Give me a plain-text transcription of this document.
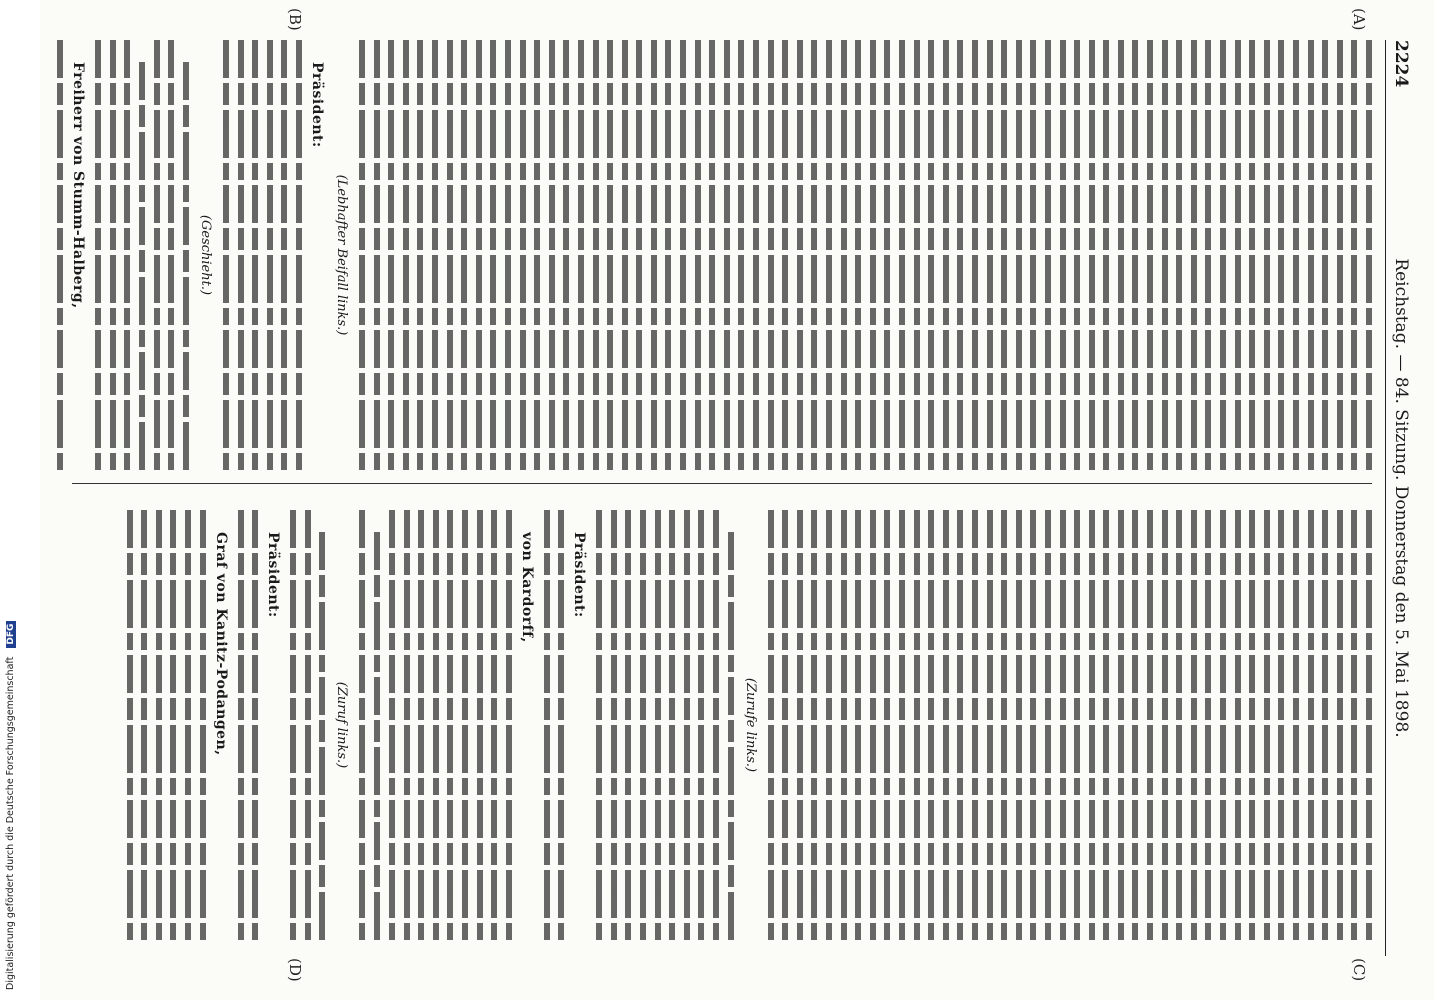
2224
Reichstag. — 84. Sitzung. Donnerstag den 5. Mai 1898.
(A)
(B)
(C)
(D)
(Lebhafter Beifall links.)
Präsident:
(Geschieht.)
Freiherr von Stumm-Halberg,
(Zurufe links.)
Präsident:
von Kardorff,
(Zuruf links.)
Präsident:
Graf von Kanitz-Podangen,
Digitalisierung gefördert durch die Deutsche Forschungsgemeinschaft DFG
